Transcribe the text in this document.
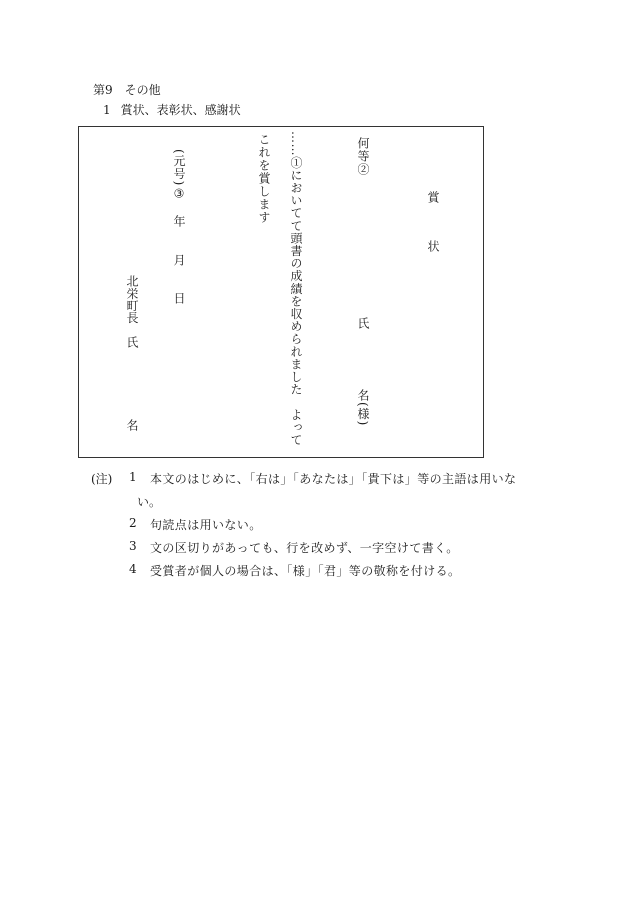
第9　その他
1 賞状、表彰状、感謝状
賞
状
何等②
氏
名(様)
……①においてて頭書の成績を収められました　よって
これを賞します
(元号)③
年
月
日
北栄町長　氏
名
(注) 1 本文のはじめに、「右は」「あなたは」「貴下は」等の主語は用いな
い。
2 句読点は用いない。
3 文の区切りがあっても、行を改めず、一字空けて書く。
4 受賞者が個人の場合は、「様」「君」等の敬称を付ける。
